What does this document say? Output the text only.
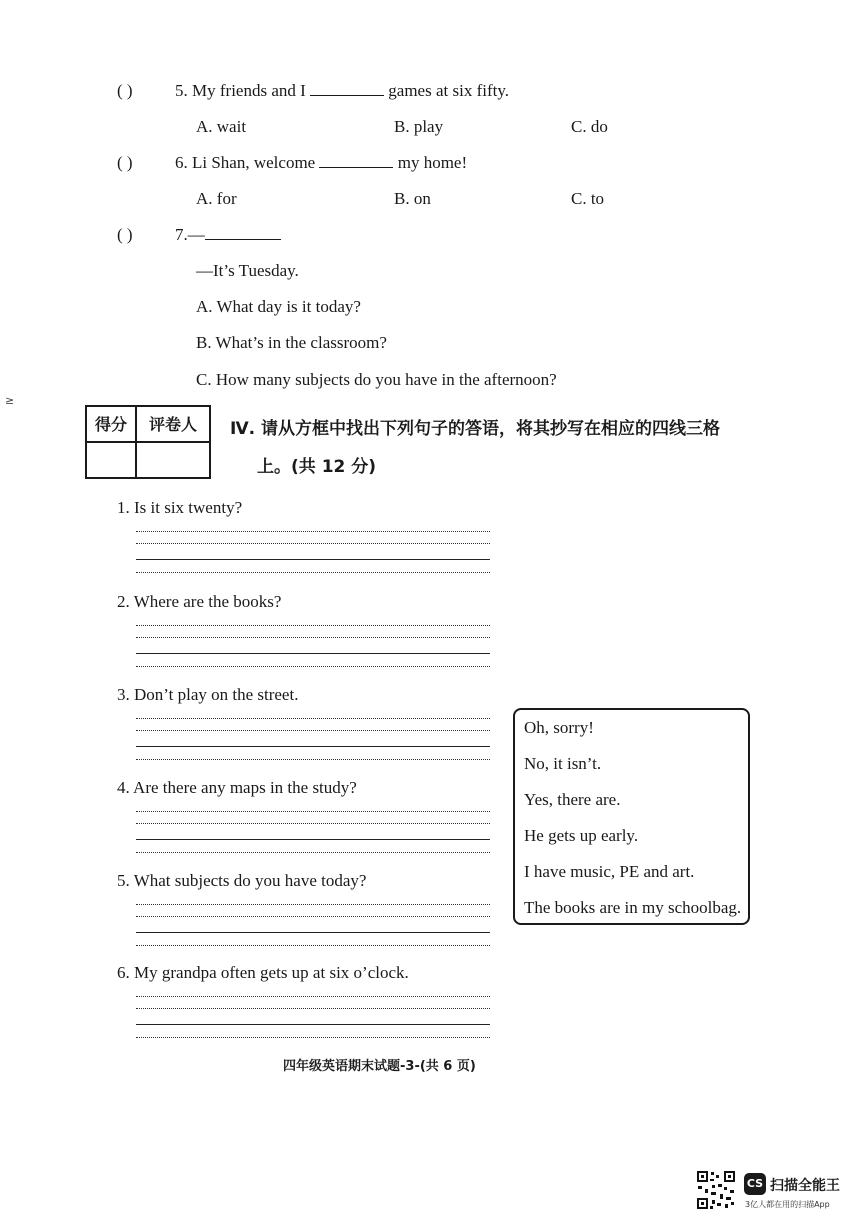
( ) 5. My friends and I	games at six fifty.
A. wait	B. play	C. do
( ) 6. Li Shan, welcome	my home!
A. for	B. on	C. to
( ) 7.—
—It’s Tuesday.
A. What day is it today?
B. What’s in the classroom?
C. How many subjects do you have in the afternoon?
≥
得分	评卷人	Ⅳ. 请从方框中找出下列句子的答语，将其抄写在相应的四线三格
上。(共 12 分)
1. Is it six twenty?
2. Where are the books?
3. Don’t play on the street.
4. Are there any maps in the study?
5. What subjects do you have today?
6. My grandpa often gets up at six o’clock.
Oh, sorry!
No, it isn’t.
Yes, there are.
He gets up early.
I have music, PE and art.
The books are in my schoolbag.
四年级英语期末试题-3-(共 6 页)
CS 扫描全能王
3亿人都在用的扫描App
